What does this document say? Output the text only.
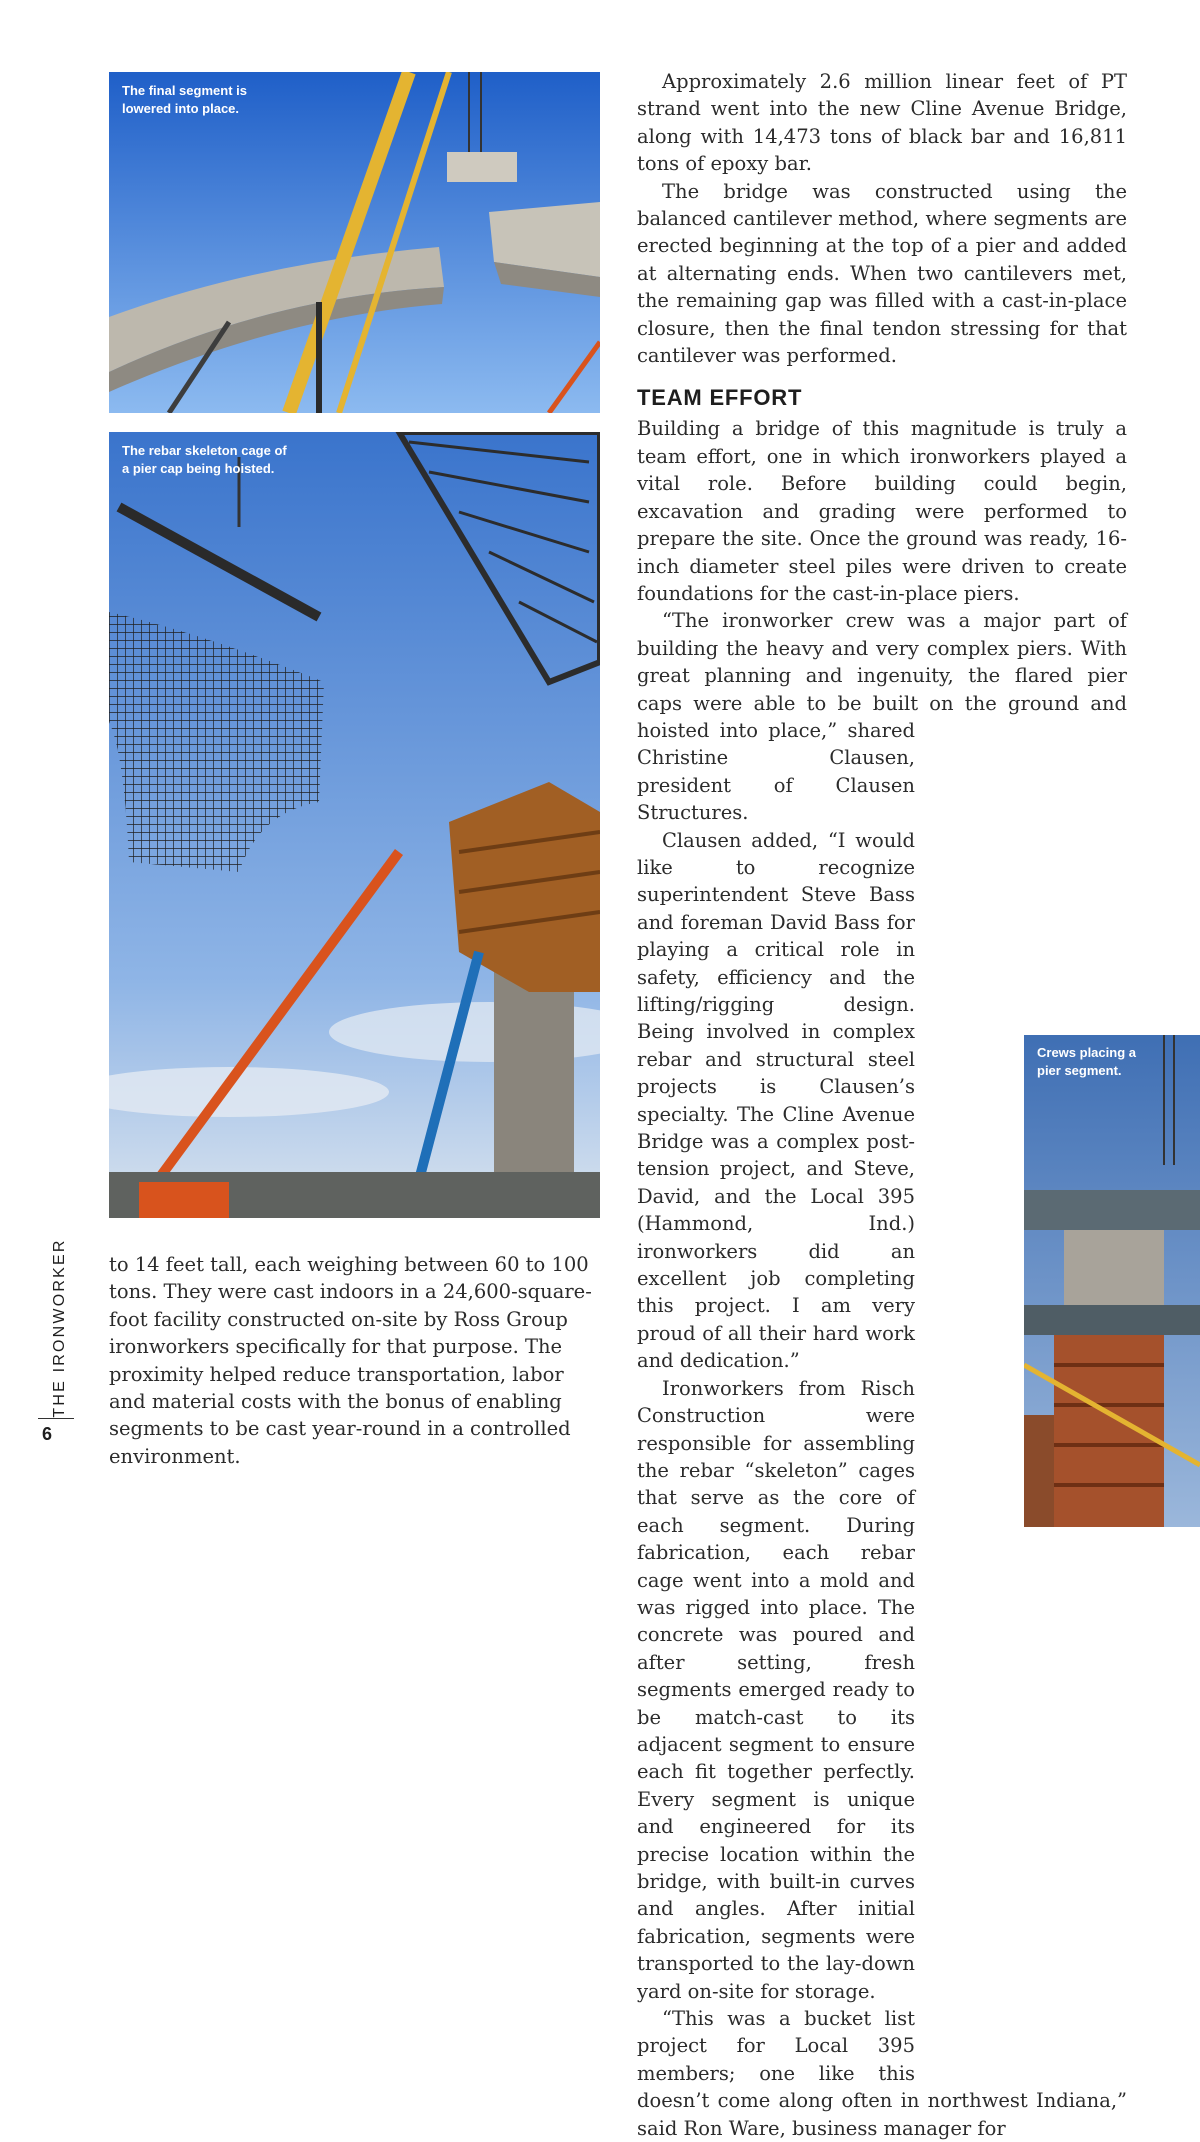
The final segment is
lowered into place.
The rebar skeleton cage of
a pier cap being hoisted.
Crews placing a
pier segment.

to 14 feet tall, each weighing between 60 to 100 tons. They were cast indoors in a 24,600-square-foot facility constructed on-site by Ross Group ironworkers specifically for that purpose. The proximity helped reduce transportation, labor and material costs with the bonus of enabling segments to be cast year-round in a controlled environment.

Approximately 2.6 million linear feet of PT strand went into the new Cline Avenue Bridge, along with 14,473 tons of black bar and 16,811 tons of epoxy bar.

The bridge was constructed using the balanced cantilever method, where segments are erected beginning at the top of a pier and added at alternating ends. When two cantilevers met, the remaining gap was filled with a cast-in-place closure, then the final tendon stressing for that cantilever was performed.

TEAM EFFORT

Building a bridge of this magnitude is truly a team effort, one in which ironworkers played a vital role. Before building could begin, excavation and grading were performed to prepare the site. Once the ground was ready, 16-inch diameter steel piles were driven to create foundations for the cast-in-place piers.

“The ironworker crew was a major part of building the heavy and very complex piers. With great planning and ingenuity, the flared pier caps were able to be built on the ground and hoisted into place,” shared Christine Clausen, president of Clausen Structures.

Clausen added, “I would like to recognize superintendent Steve Bass and foreman David Bass for playing a critical role in safety, efficiency and the lifting/rigging design. Being involved in complex rebar and structural steel projects is Clausen’s specialty. The Cline Avenue Bridge was a complex post-tension project, and Steve, David, and the Local 395 (Hammond, Ind.) ironworkers did an excellent job completing this project. I am very proud of all their hard work and dedication.”

Ironworkers from Risch Construction were responsible for assembling the rebar “skeleton” cages that serve as the core of each segment. During fabrication, each rebar cage went into a mold and was rigged into place. The concrete was poured and after setting, fresh segments emerged ready to be match-cast to its adjacent segment to ensure each fit together perfectly. Every segment is unique and engineered for its precise location within the bridge, with built-in curves and angles. After initial fabrication, segments were transported to the lay-down yard on-site for storage.

“This was a bucket list project for Local 395 members; one like this doesn’t come along often in northwest Indiana,” said Ron Ware, business manager for

THE IRONWORKER
6
